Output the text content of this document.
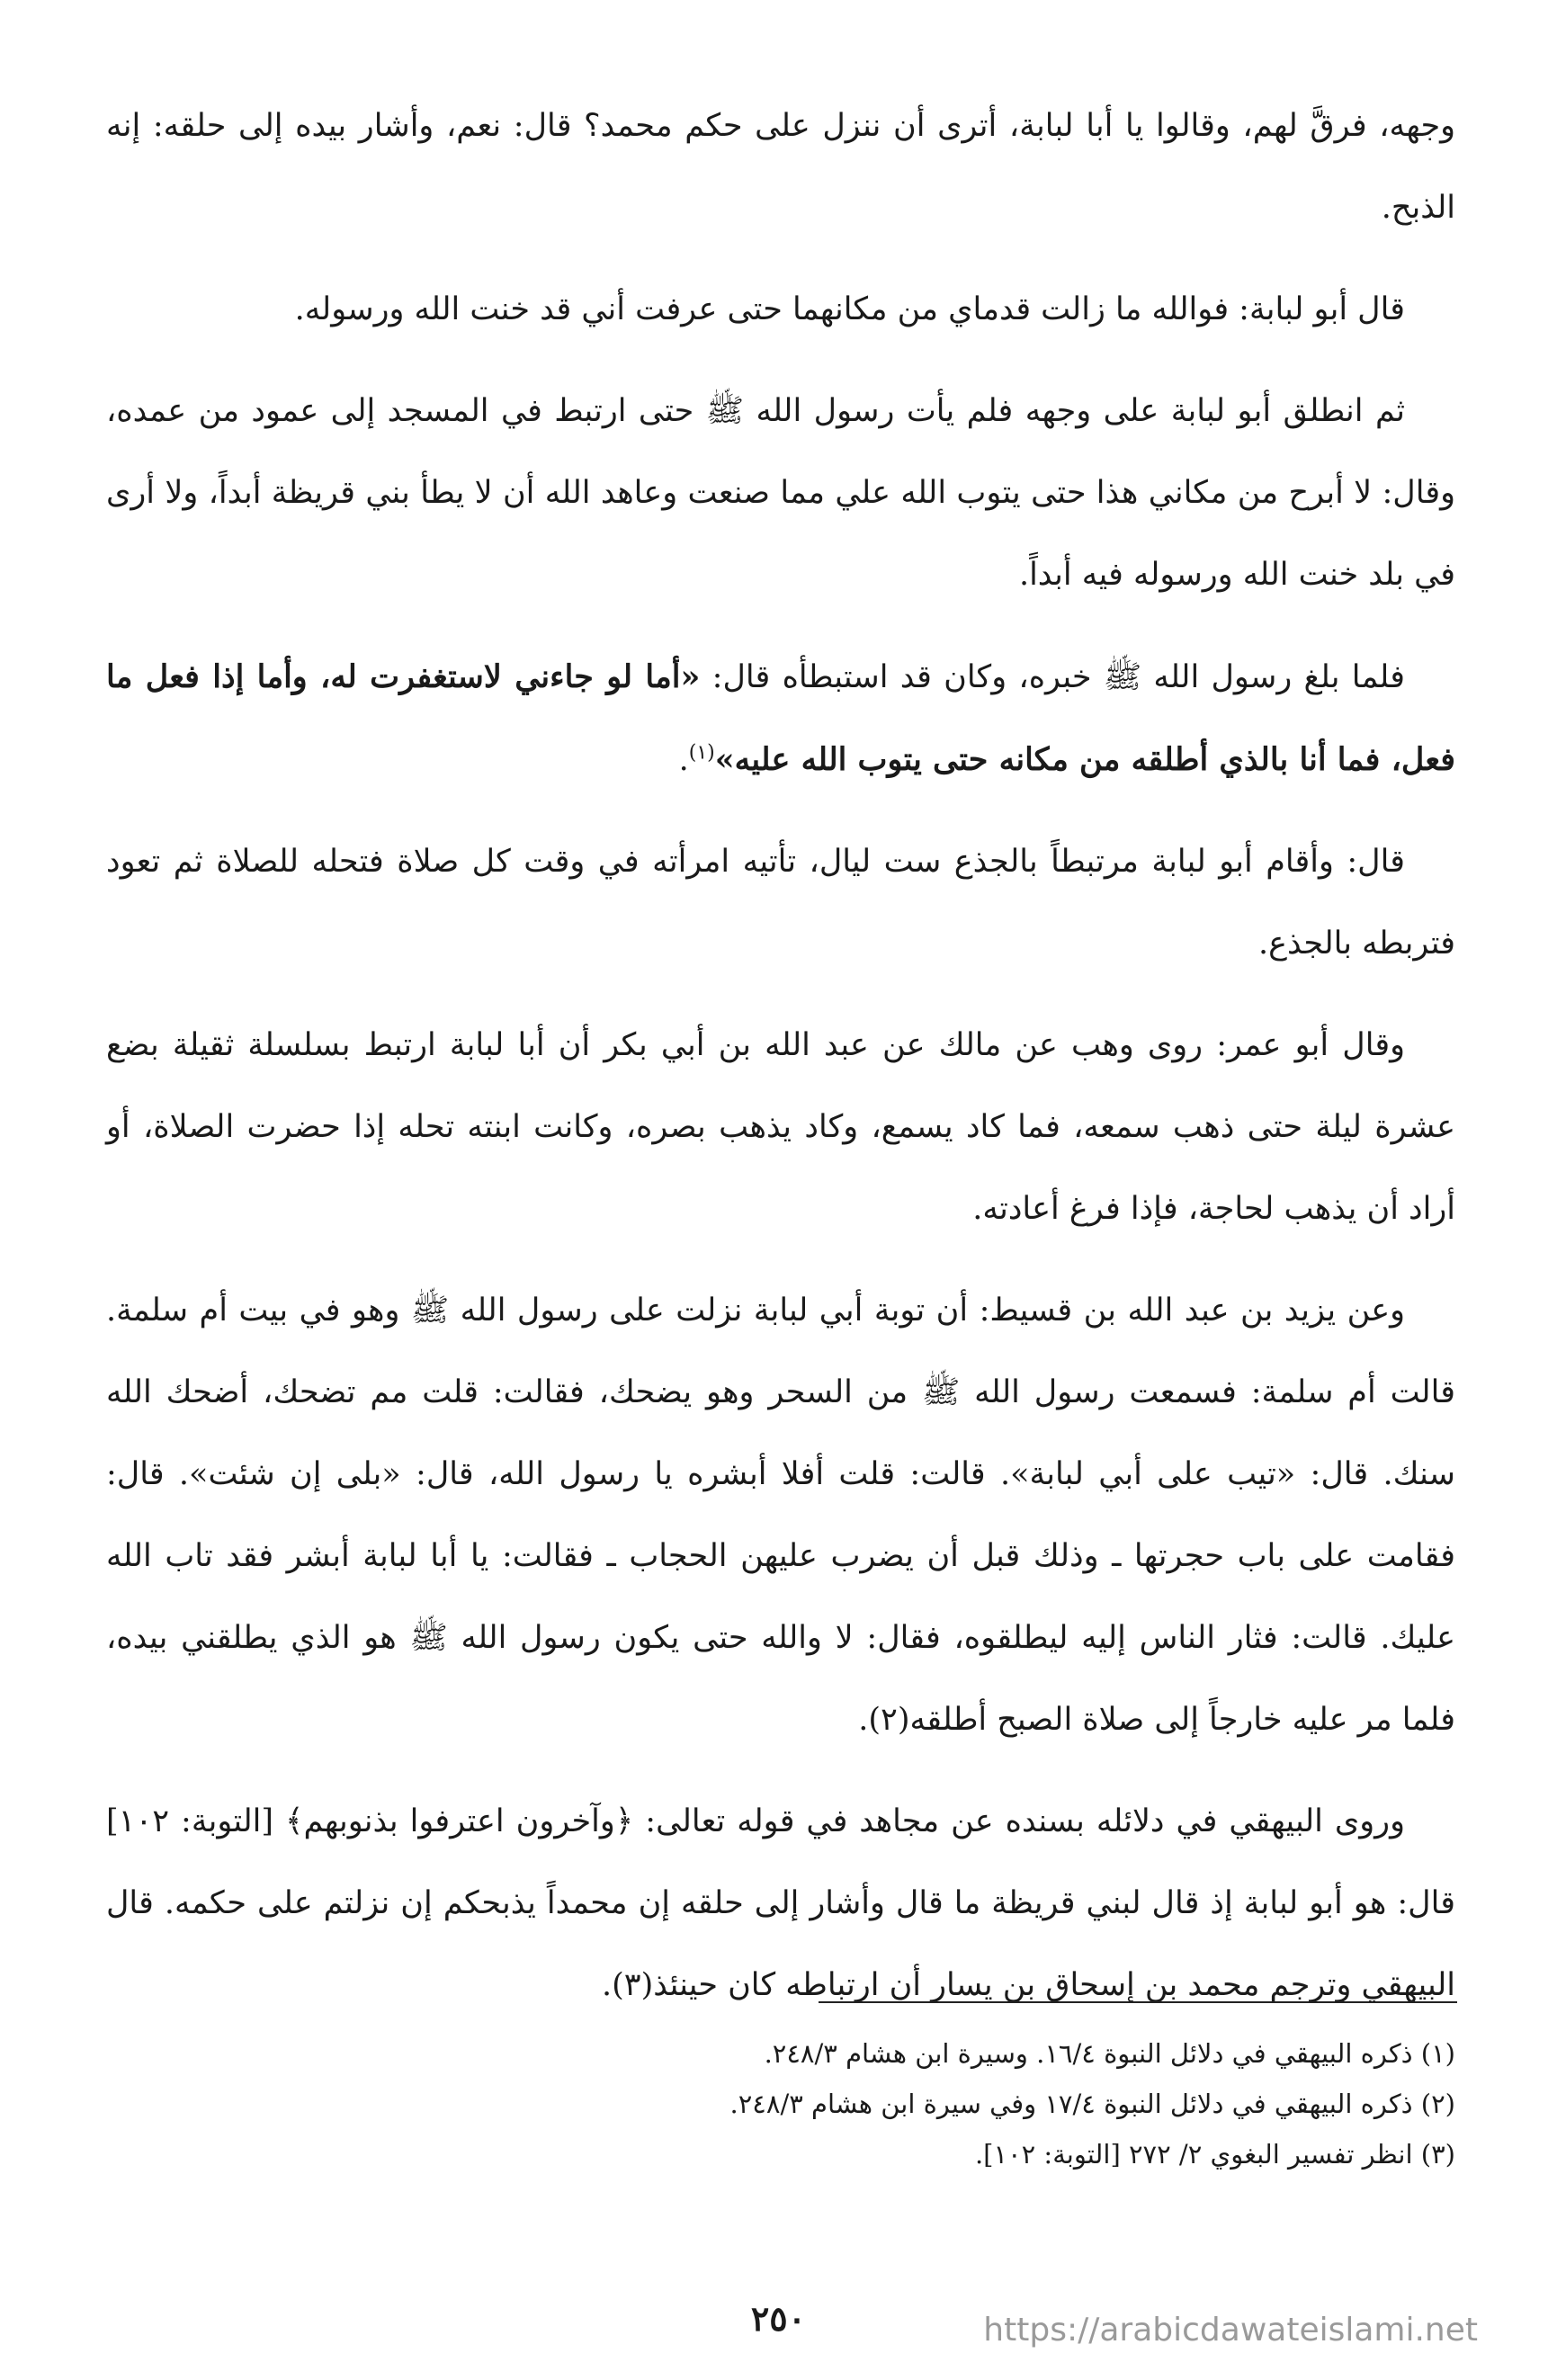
وجهه، فرقَّ لهم، وقالوا يا أبا لبابة، أترى أن ننزل على حكم محمد؟ قال: نعم، وأشار بيده إلى حلقه: إنه الذبح.

قال أبو لبابة: فوالله ما زالت قدماي من مكانهما حتى عرفت أني قد خنت الله ورسوله.

ثم انطلق أبو لبابة على وجهه فلم يأت رسول الله ﷺ حتى ارتبط في المسجد إلى عمود من عمده، وقال: لا أبرح من مكاني هذا حتى يتوب الله علي مما صنعت وعاهد الله أن لا يطأ بني قريظة أبداً، ولا أرى في بلد خنت الله ورسوله فيه أبداً.

فلما بلغ رسول الله ﷺ خبره، وكان قد استبطأه قال: «أما لو جاءني لاستغفرت له، وأما إذا فعل ما فعل، فما أنا بالذي أطلقه من مكانه حتى يتوب الله عليه»$^{(١)}$.

قال: وأقام أبو لبابة مرتبطاً بالجذع ست ليال، تأتيه امرأته في وقت كل صلاة فتحله للصلاة ثم تعود فتربطه بالجذع.

وقال أبو عمر: روى وهب عن مالك عن عبد الله بن أبي بكر أن أبا لبابة ارتبط بسلسلة ثقيلة بضع عشرة ليلة حتى ذهب سمعه، فما كاد يسمع، وكاد يذهب بصره، وكانت ابنته تحله إذا حضرت الصلاة، أو أراد أن يذهب لحاجة، فإذا فرغ أعادته.

وعن يزيد بن عبد الله بن قسيط: أن توبة أبي لبابة نزلت على رسول الله ﷺ وهو في بيت أم سلمة. قالت أم سلمة: فسمعت رسول الله ﷺ من السحر وهو يضحك، فقالت: قلت مم تضحك، أضحك الله سنك. قال: «تيب على أبي لبابة». قالت: قلت أفلا أبشره يا رسول الله، قال: «بلى إن شئت». قال: فقامت على باب حجرتها ـ وذلك قبل أن يضرب عليهن الحجاب ـ فقالت: يا أبا لبابة أبشر فقد تاب الله عليك. قالت: فثار الناس إليه ليطلقوه، فقال: لا والله حتى يكون رسول الله ﷺ هو الذي يطلقني بيده، فلما مر عليه خارجاً إلى صلاة الصبح أطلقه(٢).

وروى البيهقي في دلائله بسنده عن مجاهد في قوله تعالى: ﴿وآخرون اعترفوا بذنوبهم﴾ [التوبة: ١٠٢] قال: هو أبو لبابة إذ قال لبني قريظة ما قال وأشار إلى حلقه إن محمداً يذبحكم إن نزلتم على حكمه. قال البيهقي وترجم محمد بن إسحاق بن يسار أن ارتباطه كان حينئذ(٣).

(١) ذكره البيهقي في دلائل النبوة ١٦/٤. وسيرة ابن هشام ٢٤٨/٣.

(٢) ذكره البيهقي في دلائل النبوة ١٧/٤ وفي سيرة ابن هشام ٢٤٨/٣.

(٣) انظر تفسير البغوي ٢/ ٢٧٢ [التوبة: ١٠٢].

٢٥٠	https://arabicdawateislami.net
